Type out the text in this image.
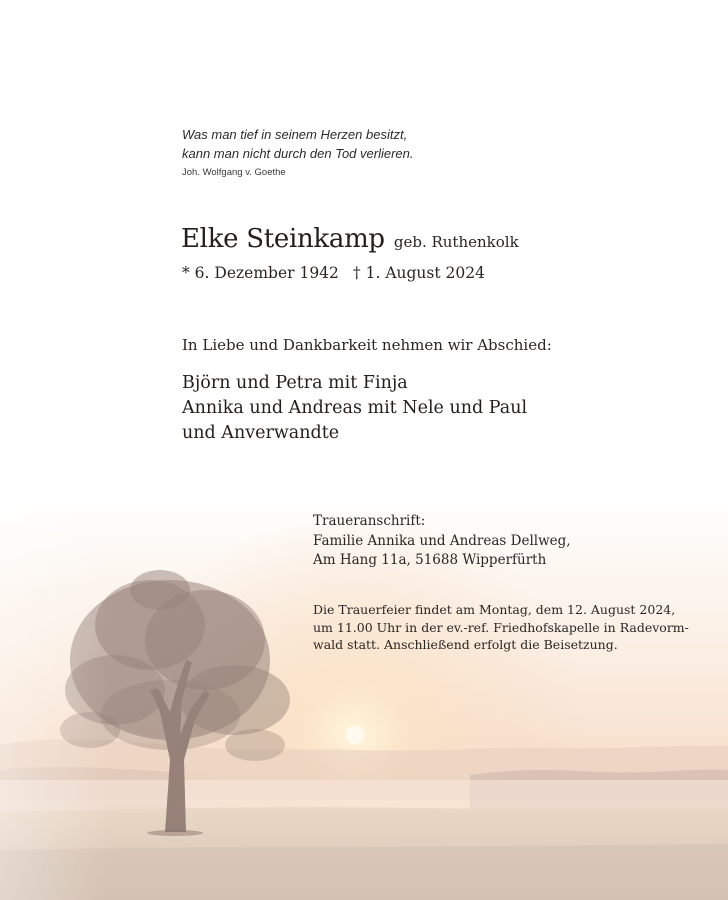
Was man tief in seinem Herzen besitzt,
kann man nicht durch den Tod verlieren.
Joh. Wolfgang v. Goethe
Elke Steinkamp geb. Ruthenkolk
* 6. Dezember 1942 † 1. August 2024
In Liebe und Dankbarkeit nehmen wir Abschied:
Björn und Petra mit Finja
Annika und Andreas mit Nele und Paul
und Anverwandte
Traueranschrift:
Familie Annika und Andreas Dellweg,
Am Hang 11a, 51688 Wipperfürth
Die Trauerfeier findet am Montag, dem 12. August 2024,
um 11.00 Uhr in der ev.-ref. Friedhofskapelle in Radevorm-
wald statt. Anschließend erfolgt die Beisetzung.
